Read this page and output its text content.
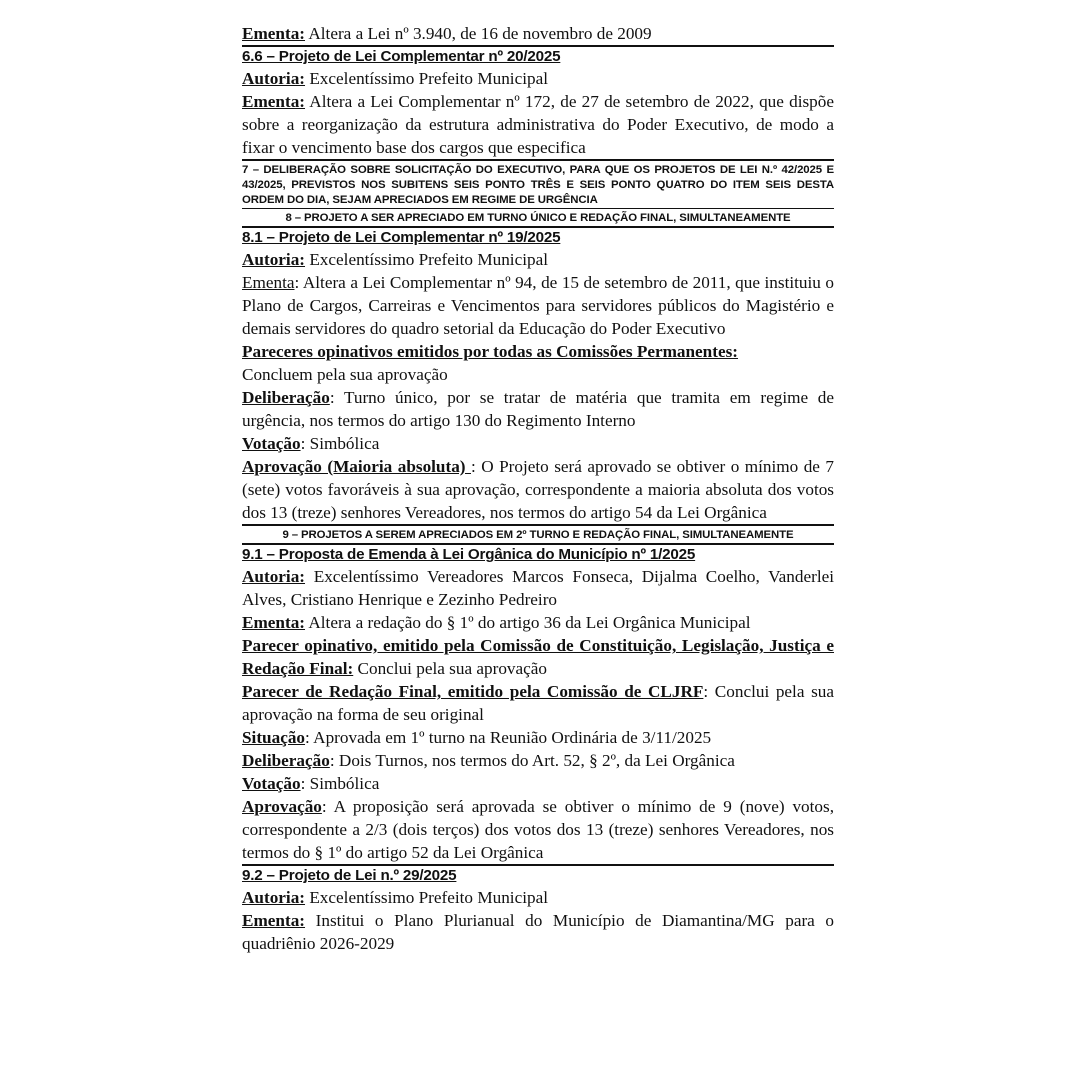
Ementa: Altera a Lei nº 3.940, de 16 de novembro de 2009

6.6 – Projeto de Lei Complementar nº 20/2025

Autoria: Excelentíssimo Prefeito Municipal

Ementa: Altera a Lei Complementar nº 172, de 27 de setembro de 2022, que dispõe sobre a reorganização da estrutura administrativa do Poder Executivo, de modo a fixar o vencimento base dos cargos que especifica

7 – DELIBERAÇÃO SOBRE SOLICITAÇÃO DO EXECUTIVO, PARA QUE OS PROJETOS DE LEI N.º 42/2025 E 43/2025, PREVISTOS NOS SUBITENS SEIS PONTO TRÊS E SEIS PONTO QUATRO DO ITEM SEIS DESTA ORDEM DO DIA, SEJAM APRECIADOS EM REGIME DE URGÊNCIA
8 – PROJETO A SER APRECIADO EM TURNO ÚNICO E REDAÇÃO FINAL, SIMULTANEAMENTE
8.1 – Projeto de Lei Complementar nº 19/2025

Autoria: Excelentíssimo Prefeito Municipal

Ementa: Altera a Lei Complementar nº 94, de 15 de setembro de 2011, que instituiu o Plano de Cargos, Carreiras e Vencimentos para servidores públicos do Magistério e demais servidores do quadro setorial da Educação do Poder Executivo

Pareceres opinativos emitidos por todas as Comissões Permanentes:
Concluem pela sua aprovação

Deliberação: Turno único, por se tratar de matéria que tramita em regime de urgência, nos termos do artigo 130 do Regimento Interno

Votação: Simbólica

Aprovação (Maioria absoluta) : O Projeto será aprovado se obtiver o mínimo de 7 (sete) votos favoráveis à sua aprovação, correspondente a maioria absoluta dos votos dos 13 (treze) senhores Vereadores, nos termos do artigo 54 da Lei Orgânica

9 – PROJETOS A SEREM APRECIADOS EM 2º TURNO E REDAÇÃO FINAL, SIMULTANEAMENTE
9.1 – Proposta de Emenda à Lei Orgânica do Município nº 1/2025

Autoria: Excelentíssimo Vereadores Marcos Fonseca, Dijalma Coelho, Vanderlei Alves, Cristiano Henrique e Zezinho Pedreiro

Ementa: Altera a redação do § 1º do artigo 36 da Lei Orgânica Municipal

Parecer opinativo, emitido pela Comissão de Constituição, Legislação, Justiça e Redação Final: Conclui pela sua aprovação

Parecer de Redação Final, emitido pela Comissão de CLJRF: Conclui pela sua aprovação na forma de seu original

Situação: Aprovada em 1º turno na Reunião Ordinária de 3/11/2025

Deliberação: Dois Turnos, nos termos do Art. 52, § 2º, da Lei Orgânica

Votação: Simbólica

Aprovação: A proposição será aprovada se obtiver o mínimo de 9 (nove) votos, correspondente a 2/3 (dois terços) dos votos dos 13 (treze) senhores Vereadores, nos termos do § 1º do artigo 52 da Lei Orgânica

9.2 – Projeto de Lei n.º 29/2025

Autoria: Excelentíssimo Prefeito Municipal

Ementa: Institui o Plano Plurianual do Município de Diamantina/MG para o quadriênio 2026-2029
